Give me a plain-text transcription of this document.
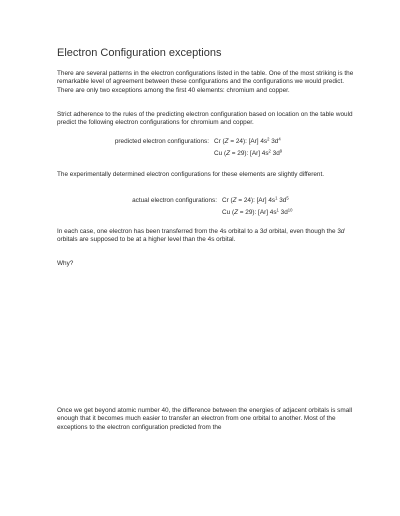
Electron Configuration exceptions
There are several patterns in the electron configurations listed in the table. One of the most striking is the remarkable level of agreement between these configurations and the configurations we would predict. There are only two exceptions among the first 40 elements: chromium and copper.
Strict adherence to the rules of the predicting electron configuration based on location on the table would predict the following electron configurations for chromium and copper.
predicted electron configurations: Cr (Z = 24): [Ar] $4s^2$ $3d^4$
Cu (Z = 29): [Ar] $4s^2$ $3d^9$
The experimentally determined electron configurations for these elements are slightly different.
actual electron configurations: Cr (Z = 24): [Ar] $4s^1$ $3d^5$
Cu (Z = 29): [Ar] $4s^1$ $3d^{10}$
In each case, one electron has been transferred from the 4s orbital to a 3d orbital, even though the 3d orbitals are supposed to be at a higher level than the 4s orbital.
Why?
Once we get beyond atomic number 40, the difference between the energies of adjacent orbitals is small enough that it becomes much easier to transfer an electron from one orbital to another. Most of the exceptions to the electron configuration predicted from the
